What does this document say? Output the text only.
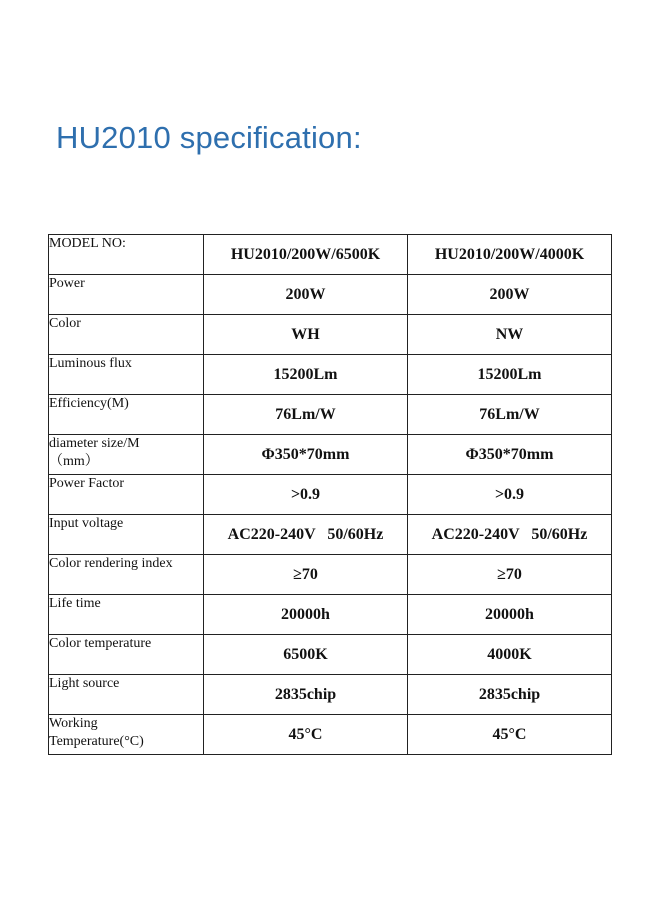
HU2010 specification:
MODEL NO:	HU2010/200W/6500K	HU2010/200W/4000K
Power	200W	200W
Color	WH	NW
Luminous flux	15200Lm	15200Lm
Efficiency(M)	76Lm/W	76Lm/W
diameter size/M
（mm）	Φ350*70mm	Φ350*70mm
Power Factor	>0.9	>0.9
Input voltage	AC220-240V   50/60Hz	AC220-240V   50/60Hz
Color rendering index	≥70	≥70
Life time	20000h	20000h
Color temperature	6500K	4000K
Light source	2835chip	2835chip
Working
Temperature(°C)	45°C	45°C
